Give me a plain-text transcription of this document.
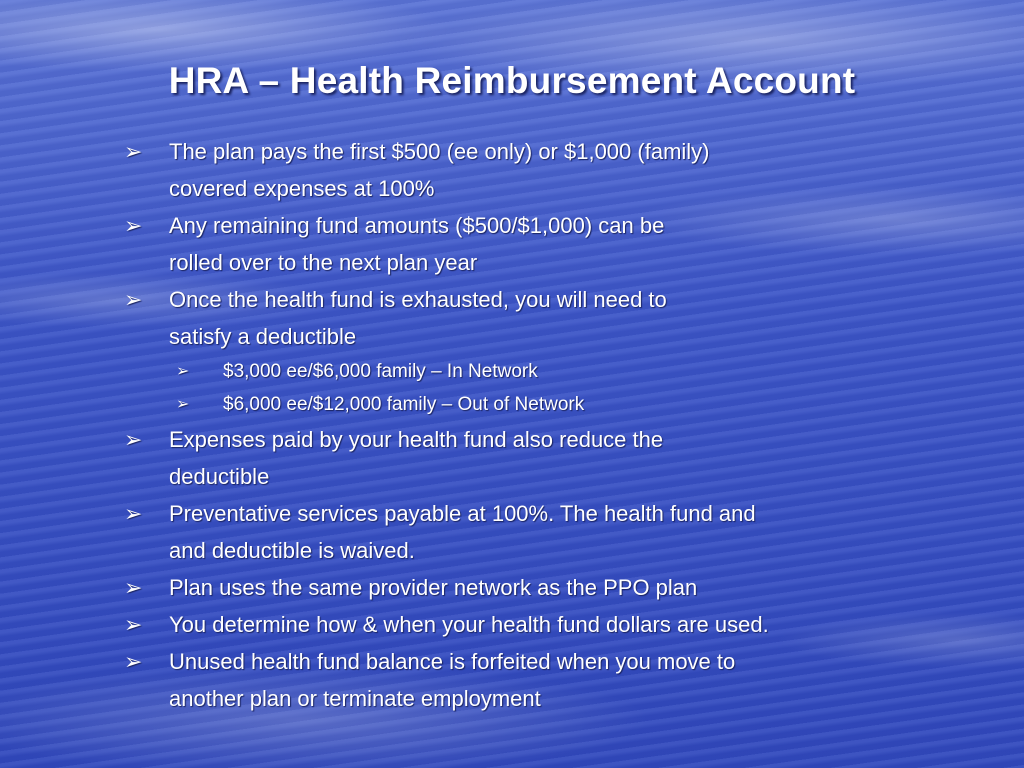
HRA – Health Reimbursement Account
➢ The plan pays the first $500 (ee only) or $1,000 (family)
covered expenses at 100%
➢ Any remaining fund amounts ($500/$1,000) can be
rolled over to the next plan year
➢ Once the health fund is exhausted, you will need to
satisfy a deductible
➢ $3,000 ee/$6,000 family – In Network
➢ $6,000 ee/$12,000 family – Out of Network
➢ Expenses paid by your health fund also reduce the
deductible
➢ Preventative services payable at 100%. The health fund and
and deductible is waived.
➢ Plan uses the same provider network as the PPO plan
➢ You determine how & when your health fund dollars are used.
➢ Unused health fund balance is forfeited when you move to
another plan or terminate employment
